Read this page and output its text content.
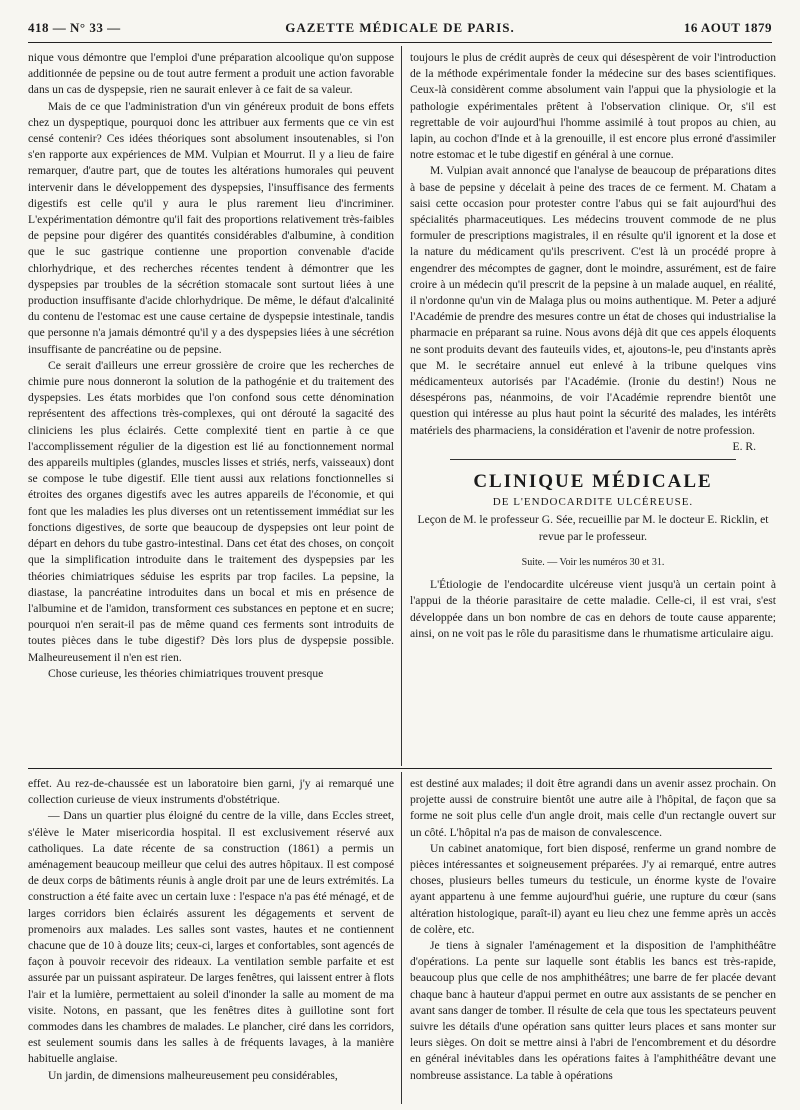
418 — N° 33 —	GAZETTE MÉDICALE DE PARIS.	16 AOUT 1879

nique vous démontre que l'emploi d'une préparation alcoolique qu'on suppose additionnée de pepsine ou de tout autre ferment a produit une action favorable dans un cas de dyspepsie, rien ne saurait enlever à ce fait de sa valeur.

Mais de ce que l'administration d'un vin généreux produit de bons effets chez un dyspeptique, pourquoi donc les attribuer aux ferments que ce vin est censé contenir? Ces idées théoriques sont absolument insoutenables, si l'on s'en rapporte aux expériences de MM. Vulpian et Mourrut. Il y a lieu de faire remarquer, d'autre part, que de toutes les altérations humorales qui peuvent intervenir dans le développement des dyspepsies, l'insuffisance des ferments digestifs est celle qu'il y aura le plus rarement lieu d'incriminer. L'expérimentation démontre qu'il fait des proportions relativement très-faibles de pepsine pour digérer des quantités considérables d'albumine, à condition que le suc gastrique contienne une proportion convenable d'acide chlorhydrique, et des recherches récentes tendent à démontrer que les dyspepsies par troubles de la sécrétion stomacale sont surtout liées à une production insuffisante d'acide chlorhydrique. De même, le défaut d'alcalinité du contenu de l'estomac est une cause certaine de dyspepsie intestinale, tandis que personne n'a jamais démontré qu'il y a des dyspepsies liées à une sécrétion insuffisante de pancréatine ou de pepsine.

Ce serait d'ailleurs une erreur grossière de croire que les recherches de chimie pure nous donneront la solution de la pathogénie et du traitement des dyspepsies. Les états morbides que l'on confond sous cette dénomination représentent des affections très-complexes, qui ont dérouté la sagacité des cliniciens les plus éclairés. Cette complexité tient en partie à ce que l'accomplissement régulier de la digestion est lié au fonctionnement normal des appareils multiples (glandes, muscles lisses et striés, nerfs, vaisseaux) dont se compose le tube digestif. Elle tient aussi aux relations fonctionnelles si étroites des organes digestifs avec les autres appareils de l'économie, et qui font que les maladies les plus diverses ont un retentissement immédiat sur les fonctions digestives, de sorte que beaucoup de dyspepsies ont leur point de départ en dehors du tube gastro-intestinal. Dans cet état des choses, on conçoit que la simplification introduite dans le traitement des dyspepsies par les théories chimiatriques séduise les esprits par trop faciles. La pepsine, la diastase, la pancréatine introduites dans un bocal et mis en présence de l'albumine et de l'amidon, transforment ces substances en peptone et en sucre; pourquoi n'en serait-il pas de même quand ces ferments sont introduits de toutes pièces dans le tube digestif? Dès lors plus de dyspepsie possible. Malheureusement il n'en est rien.

Chose curieuse, les théories chimiatriques trouvent presque

toujours le plus de crédit auprès de ceux qui désespèrent de voir l'introduction de la méthode expérimentale fonder la médecine sur des bases scientifiques. Ceux-là considèrent comme absolument vain l'appui que la physiologie et la pathologie expérimentales prêtent à l'observation clinique. Or, s'il est regrettable de voir aujourd'hui l'homme assimilé à tout propos au chien, au lapin, au cochon d'Inde et à la grenouille, il est encore plus erroné d'assimiler notre estomac et le tube digestif en général à une cornue.

M. Vulpian avait annoncé que l'analyse de beaucoup de préparations dites à base de pepsine y décelait à peine des traces de ce ferment. M. Chatam a saisi cette occasion pour protester contre l'abus qui se fait aujourd'hui des spécialités pharmaceutiques. Les médecins trouvent commode de ne plus formuler de prescriptions magistrales, il en résulte qu'il ignorent et la dose et la nature du médicament qu'ils prescrivent. C'est là un procédé propre à engendrer des mécomptes de gagner, dont le moindre, assurément, est de faire croire à un médecin qu'il prescrit de la pepsine à un malade auquel, en réalité, il n'ordonne qu'un vin de Malaga plus ou moins authentique. M. Peter a adjuré l'Académie de prendre des mesures contre un état de choses qui industrialise la pharmacie en préparant sa ruine. Nous avons déjà dit que ces appels éloquents ne sont produits devant des fauteuils vides, et, ajoutons-le, peu d'instants après que M. le secrétaire annuel eut enlevé à la tribune quelques vins médicamenteux autorisés par l'Académie. (Ironie du destin!) Nous ne désespérons pas, néanmoins, de voir l'Académie reprendre bientôt une question qui intéresse au plus haut point la sécurité des malades, les intérêts matériels des pharmaciens, la considération et l'avenir de notre profession.

E. R.
CLINIQUE MÉDICALE
DE L'ENDOCARDITE ULCÉREUSE.
Leçon de M. le professeur G. Sée, recueillie par M. le docteur E. Ricklin, et revue par le professeur.
Suite. — Voir les numéros 30 et 31.

L'Étiologie de l'endocardite ulcéreuse vient jusqu'à un certain point à l'appui de la théorie parasitaire de cette maladie. Celle-ci, il est vrai, s'est développée dans un bon nombre de cas en dehors de toute cause apparente; ainsi, on ne voit pas le rôle du parasitisme dans le rhumatisme articulaire aigu.

effet. Au rez-de-chaussée est un laboratoire bien garni, j'y ai remarqué une collection curieuse de vieux instruments d'obstétrique.

— Dans un quartier plus éloigné du centre de la ville, dans Eccles street, s'élève le Mater misericordia hospital. Il est exclusivement réservé aux catholiques. La date récente de sa construction (1861) a permis un aménagement beaucoup meilleur que celui des autres hôpitaux. Il est composé de deux corps de bâtiments réunis à angle droit par une de leurs extrémités. La construction a été faite avec un certain luxe : l'espace n'a pas été ménagé, et de larges corridors bien éclairés assurent les dégagements et servent de promenoirs aux malades. Les salles sont vastes, hautes et ne contiennent chacune que de 10 à douze lits; ceux-ci, larges et confortables, sont agencés de façon à pouvoir recevoir des rideaux. La ventilation semble parfaite et est assurée par un puissant aspirateur. De larges fenêtres, qui laissent entrer à flots l'air et la lumière, permettaient au soleil d'inonder la salle au moment de ma visite. Notons, en passant, que les fenêtres dites à guillotine sont fort commodes dans les chambres de malades. Le plancher, ciré dans les corridors, est seulement soumis dans les salles à de fréquents lavages, à la manière habituelle anglaise.

Un jardin, de dimensions malheureusement peu considérables,

est destiné aux malades; il doit être agrandi dans un avenir assez prochain. On projette aussi de construire bientôt une autre aile à l'hôpital, de façon que sa forme ne soit plus celle d'un angle droit, mais celle d'un rectangle ouvert sur un côté. L'hôpital n'a pas de maison de convalescence.

Un cabinet anatomique, fort bien disposé, renferme un grand nombre de pièces intéressantes et soigneusement préparées. J'y ai remarqué, entre autres choses, plusieurs belles tumeurs du testicule, un énorme kyste de l'ovaire ayant appartenu à une femme aujourd'hui guérie, une rupture du cœur (sans altération histologique, paraît-il) ayant eu lieu chez une femme après un accès de colère, etc.

Je tiens à signaler l'aménagement et la disposition de l'amphithéâtre d'opérations. La pente sur laquelle sont établis les bancs est très-rapide, beaucoup plus que celle de nos amphithéâtres; une barre de fer placée devant chaque banc à hauteur d'appui permet en outre aux assistants de se pencher en avant sans danger de tomber. Il résulte de cela que tous les spectateurs peuvent suivre les détails d'une opération sans quitter leurs places et sans monter sur leurs sièges. On doit se mettre ainsi à l'abri de l'encombrement et du désordre en général inévitables dans les opérations faites à l'amphithéâtre devant une nombreuse assistance. La table à opérations
